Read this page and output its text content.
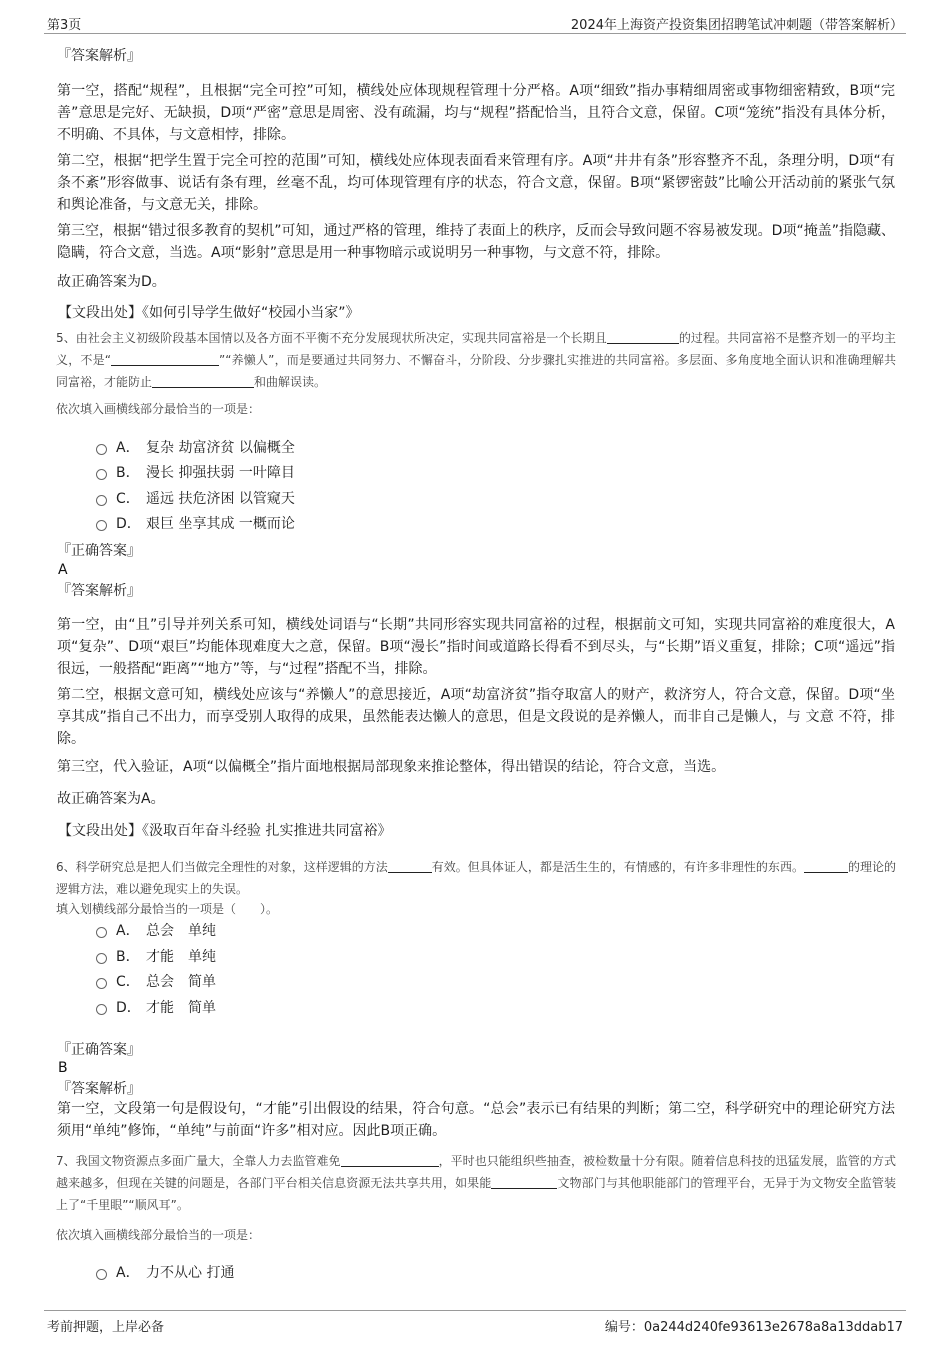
第3页	2024年上海资产投资集团招聘笔试冲刺题（带答案解析）
『答案解析』
第一空，搭配“规程”，且根据“完全可控”可知，横线处应体现规程管理十分严格。A项“细致”指办事精细周密或事物细密精致，B项“完善”意思是完好、无缺损，D项“严密”意思是周密、没有疏漏，均与“规程”搭配恰当，且符合文意，保留。C项“笼统”指没有具体分析，不明确、不具体，与文意相悖，排除。
第二空，根据“把学生置于完全可控的范围”可知，横线处应体现表面看来管理有序。A项“井井有条”形容整齐不乱，条理分明，D项“有条不紊”形容做事、说话有条有理，丝毫不乱，均可体现管理有序的状态，符合文意，保留。B项“紧锣密鼓”比喻公开活动前的紧张气氛和舆论准备，与文意无关，排除。
第三空，根据“错过很多教育的契机”可知，通过严格的管理，维持了表面上的秩序，反而会导致问题不容易被发现。D项“掩盖”指隐藏、隐瞒，符合文意，当选。A项“影射”意思是用一种事物暗示或说明另一种事物，与文意不符，排除。
故正确答案为D。
【文段出处】《如何引导学生做好“校园小当家”》
5、由社会主义初级阶段基本国情以及各方面不平衡不充分发展现状所决定，实现共同富裕是一个长期且	的过程。共同富裕不是整齐划一的平均主义，不是“	”“养懒人”，而是要通过共同努力、不懈奋斗，分阶段、分步骤扎实推进的共同富裕。多层面、多角度地全面认识和准确理解共同富裕，才能防止	和曲解误读。
依次填入画横线部分最恰当的一项是：
A． 复杂 劫富济贫 以偏概全
B． 漫长 抑强扶弱 一叶障目
C． 遥远 扶危济困 以管窥天
D． 艰巨 坐享其成 一概而论
『正确答案』
A
『答案解析』
第一空，由“且”引导并列关系可知，横线处词语与“长期”共同形容实现共同富裕的过程，根据前文可知，实现共同富裕的难度很大，A项“复杂”、D项“艰巨”均能体现难度大之意，保留。B项“漫长”指时间或道路长得看不到尽头，与“长期”语义重复，排除；C项“遥远”指很远，一般搭配“距离”“地方”等，与“过程”搭配不当，排除。
第二空，根据文意可知，横线处应该与“养懒人”的意思接近，A项“劫富济贫”指夺取富人的财产，救济穷人，符合文意，保留。D项“坐享其成”指自己不出力，而享受别人取得的成果，虽然能表达懒人的意思，但是文段说的是养懒人，而非自己是懒人，与 文意 不符，排除。
第三空，代入验证，A项“以偏概全”指片面地根据局部现象来推论整体，得出错误的结论，符合文意，当选。
故正确答案为A。
【文段出处】《汲取百年奋斗经验 扎实推进共同富裕》
6、科学研究总是把人们当做完全理性的对象，这样逻辑的方法	有效。但具体证人，都是活生生的，有情感的，有许多非理性的东西。	的理论的逻辑方法，难以避免现实上的失误。
填入划横线部分最恰当的一项是（　　）。
A． 总会　单纯
B． 才能　单纯
C． 总会　简单
D． 才能　简单
『正确答案』
B
『答案解析』
第一空，文段第一句是假设句，“才能”引出假设的结果，符合句意。“总会”表示已有结果的判断；第二空，科学研究中的理论研究方法须用“单纯”修饰，“单纯”与前面“许多”相对应。因此B项正确。
7、我国文物资源点多面广量大，全靠人力去监管难免	，平时也只能组织些抽查，被检数量十分有限。随着信息科技的迅猛发展，监管的方式越来越多，但现在关键的问题是，各部门平台相关信息资源无法共享共用，如果能	文物部门与其他职能部门的管理平台，无异于为文物安全监管装上了“千里眼”“顺风耳”。
依次填入画横线部分最恰当的一项是：
A． 力不从心 打通
考前押题，上岸必备	编号：0a244d240fe93613e2678a8a13ddab17
